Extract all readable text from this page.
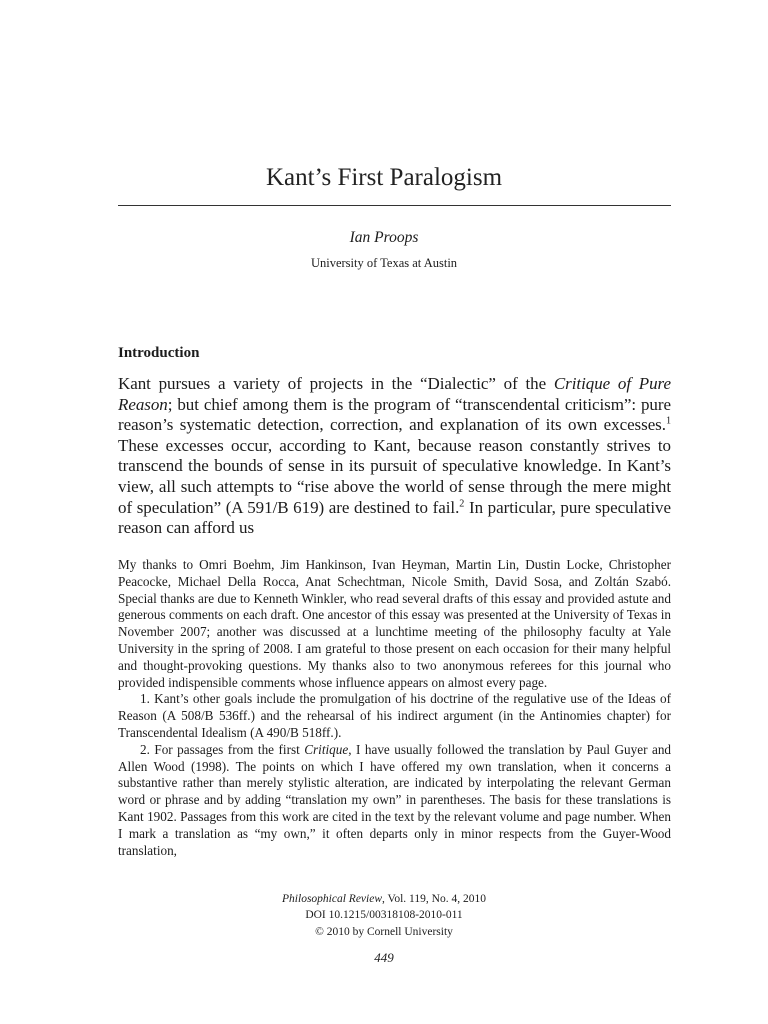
Kant’s First Paralogism
Ian Proops
University of Texas at Austin
Introduction

Kant pursues a variety of projects in the “Dialectic” of the Critique of Pure Reason; but chief among them is the program of “transcendental criticism”: pure reason’s systematic detection, correction, and explanation of its own excesses.$^1$ These excesses occur, according to Kant, because reason constantly strives to transcend the bounds of sense in its pursuit of speculative knowledge. In Kant’s view, all such attempts to “rise above the world of sense through the mere might of speculation” (A 591/B 619) are destined to fail.$^2$ In particular, pure speculative reason can afford us

My thanks to Omri Boehm, Jim Hankinson, Ivan Heyman, Martin Lin, Dustin Locke, Christopher Peacocke, Michael Della Rocca, Anat Schechtman, Nicole Smith, David Sosa, and Zoltán Szabó. Special thanks are due to Kenneth Winkler, who read several drafts of this essay and provided astute and generous comments on each draft. One ancestor of this essay was presented at the University of Texas in November 2007; another was discussed at a lunchtime meeting of the philosophy faculty at Yale University in the spring of 2008. I am grateful to those present on each occasion for their many helpful and thought-provoking questions. My thanks also to two anonymous referees for this journal who provided indispensible comments whose influence appears on almost every page.

1. Kant’s other goals include the promulgation of his doctrine of the regulative use of the Ideas of Reason (A 508/B 536ff.) and the rehearsal of his indirect argument (in the Antinomies chapter) for Transcendental Idealism (A 490/B 518ff.).

2. For passages from the first Critique, I have usually followed the translation by Paul Guyer and Allen Wood (1998). The points on which I have offered my own translation, when it concerns a substantive rather than merely stylistic alteration, are indicated by interpolating the relevant German word or phrase and by adding “translation my own” in parentheses. The basis for these translations is Kant 1902. Passages from this work are cited in the text by the relevant volume and page number. When I mark a translation as “my own,” it often departs only in minor respects from the Guyer-Wood translation,

Philosophical Review, Vol. 119, No. 4, 2010
DOI 10.1215/00318108-2010-011
© 2010 by Cornell University
449
